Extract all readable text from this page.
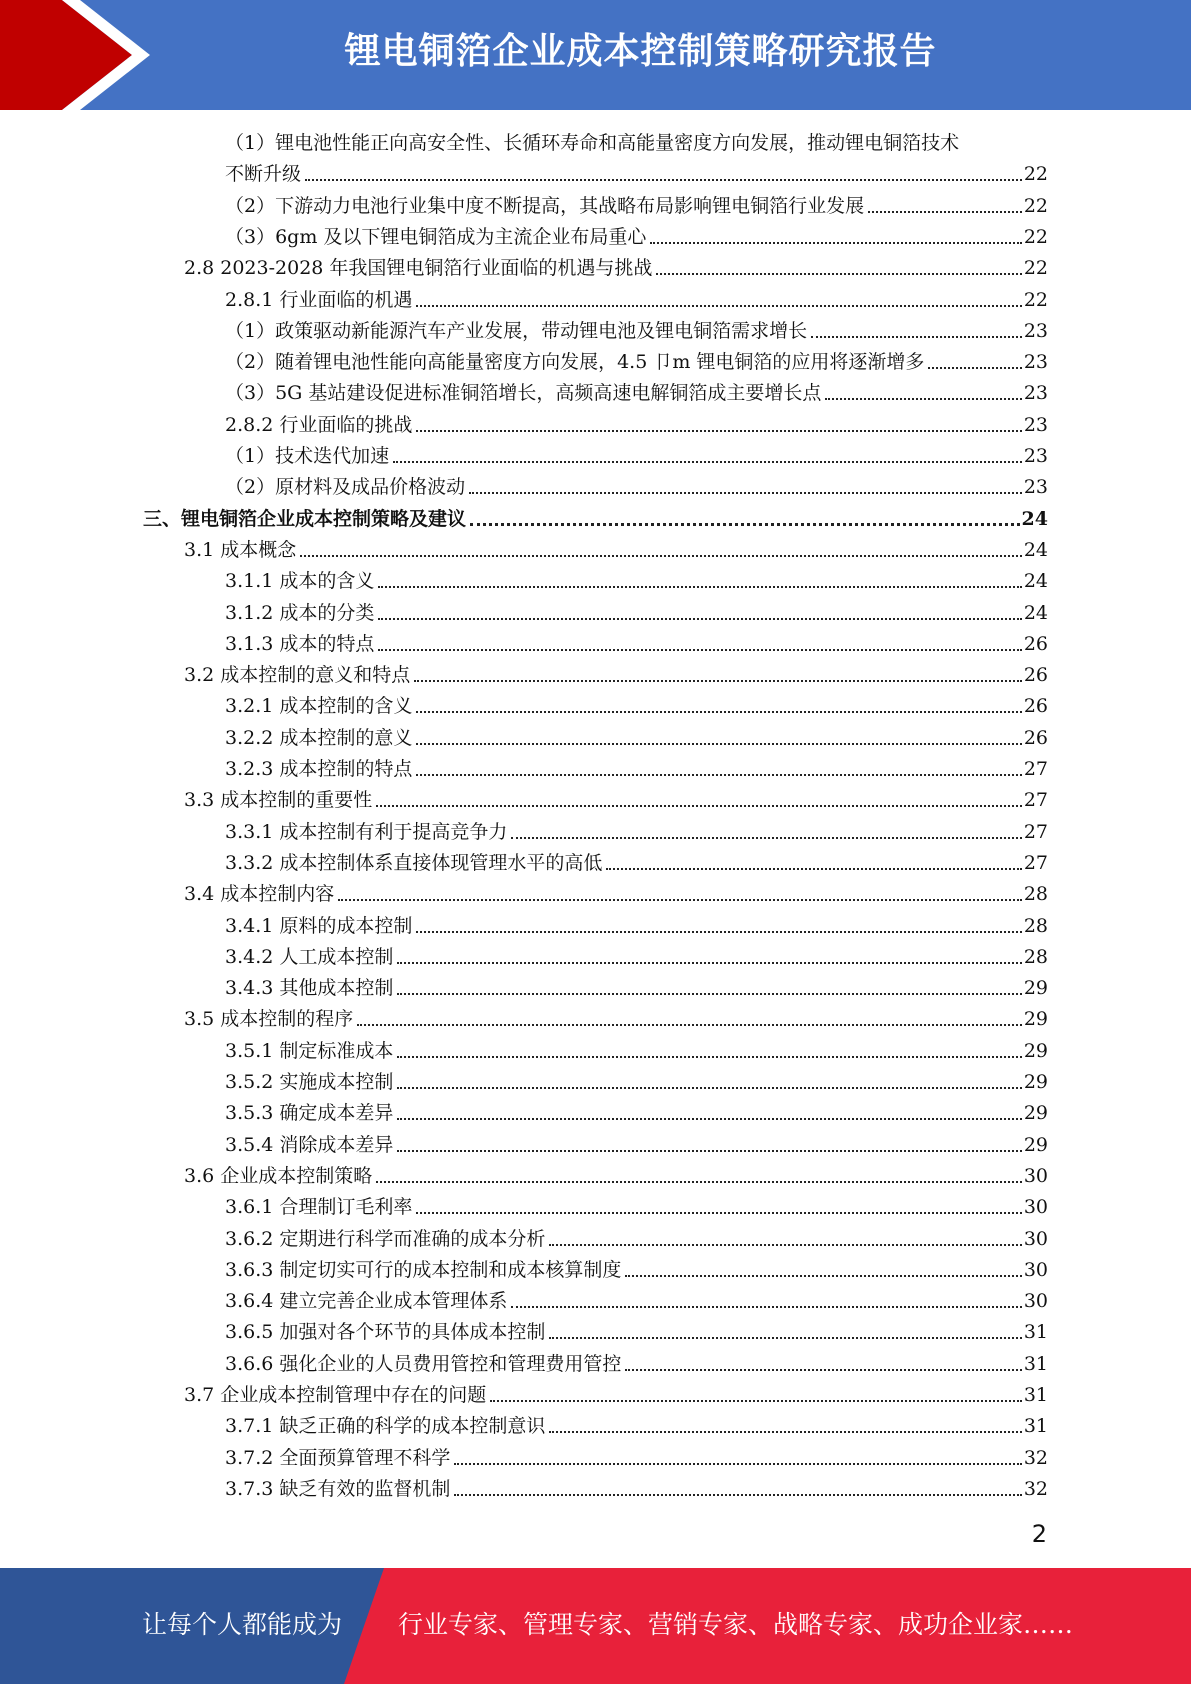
锂电铜箔企业成本控制策略研究报告
（1）锂电池性能正向高安全性、长循环寿命和高能量密度方向发展，推动锂电铜箔技术
不断升级	22
（2）下游动力电池行业集中度不断提高，其战略布局影响锂电铜箔行业发展	22
（3）6gm 及以下锂电铜箔成为主流企业布局重心	22
2.8 2023-2028 年我国锂电铜箔行业面临的机遇与挑战	22
2.8.1 行业面临的机遇	22
（1）政策驱动新能源汽车产业发展，带动锂电池及锂电铜箔需求增长	23
（2）随着锂电池性能向高能量密度方向发展，4.5 卩m 锂电铜箔的应用将逐渐增多	23
（3）5G 基站建设促进标准铜箔增长，高频高速电解铜箔成主要增长点	23
2.8.2 行业面临的挑战	23
（1）技术迭代加速	23
（2）原材料及成品价格波动	23
三、锂电铜箔企业成本控制策略及建议	24
3.1 成本概念	24
3.1.1 成本的含义	24
3.1.2 成本的分类	24
3.1.3 成本的特点	26
3.2 成本控制的意义和特点	26
3.2.1 成本控制的含义	26
3.2.2 成本控制的意义	26
3.2.3 成本控制的特点	27
3.3 成本控制的重要性	27
3.3.1 成本控制有利于提高竞争力	27
3.3.2 成本控制体系直接体现管理水平的高低	27
3.4 成本控制内容	28
3.4.1 原料的成本控制	28
3.4.2 人工成本控制	28
3.4.3 其他成本控制	29
3.5 成本控制的程序	29
3.5.1 制定标准成本	29
3.5.2 实施成本控制	29
3.5.3 确定成本差异	29
3.5.4 消除成本差异	29
3.6 企业成本控制策略	30
3.6.1 合理制订毛利率	30
3.6.2 定期进行科学而准确的成本分析	30
3.6.3 制定切实可行的成本控制和成本核算制度	30
3.6.4 建立完善企业成本管理体系	30
3.6.5 加强对各个环节的具体成本控制	31
3.6.6 强化企业的人员费用管控和管理费用管控	31
3.7 企业成本控制管理中存在的问题	31
3.7.1 缺乏正确的科学的成本控制意识	31
3.7.2 全面预算管理不科学	32
3.7.3 缺乏有效的监督机制	32
2
让每个人都能成为 行业专家、管理专家、营销专家、战略专家、成功企业家……
